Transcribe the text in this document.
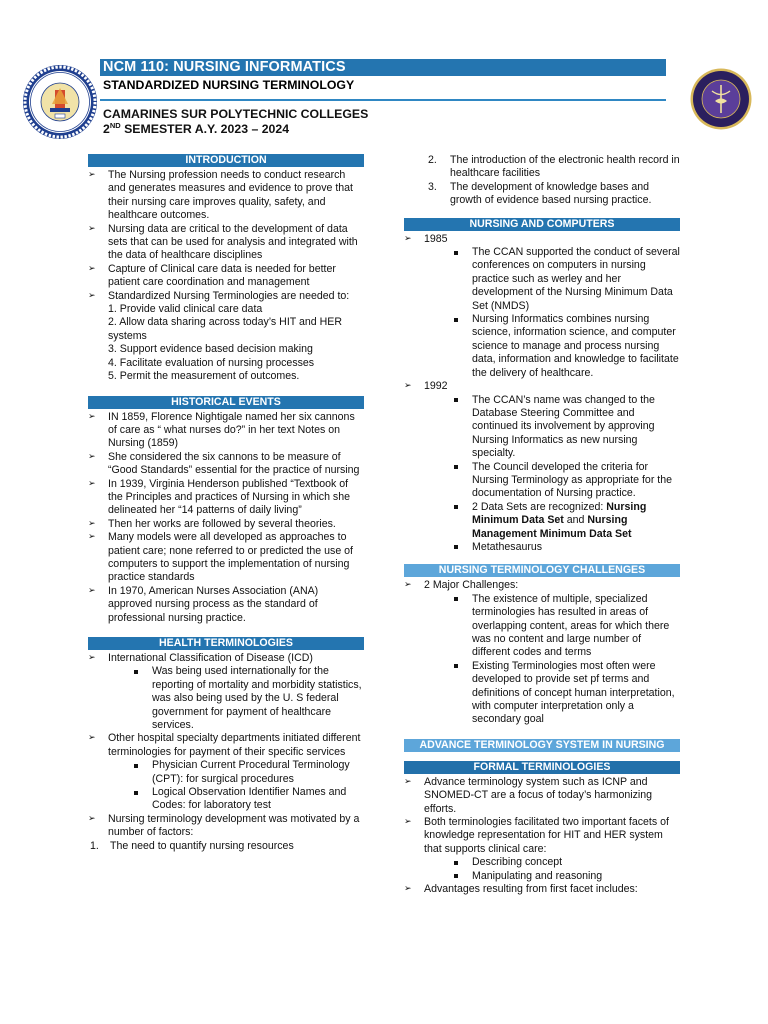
NCM 110: NURSING INFORMATICS
STANDARDIZED NURSING TERMINOLOGY
CAMARINES SUR POLYTECHNIC COLLEGES
2ND SEMESTER A.Y. 2023 – 2024
INTRODUCTION
➢ The Nursing profession needs to conduct research and generates measures and evidence to prove that their nursing care improves quality, safety, and healthcare outcomes.
➢ Nursing data are critical to the development of data sets that can be used for analysis and integrated with the data of healthcare disciplines
➢ Capture of Clinical care data is needed for better patient care coordination and management
➢ Standardized Nursing Terminologies are needed to:
1. Provide valid clinical care data
2. Allow data sharing across today’s HIT and HER systems
3. Support evidence based decision making
4. Facilitate evaluation of nursing processes
5. Permit the measurement of outcomes.
HISTORICAL EVENTS
➢ IN 1859, Florence Nightigale named her six cannons of care as “ what nurses do?” in her text Notes on Nursing (1859)
➢ She considered the six cannons to be measure of “Good Standards” essential for the practice of nursing
➢ In 1939, Virginia Henderson published “Textbook of the Principles and practices of Nursing in which she delineated her “14 patterns of daily living”
➢ Then her works are followed by several theories.
➢ Many models were all developed as approaches to patient care; none referred to or predicted the use of computers to support the implementation of nursing practice standards
➢ In 1970, American Nurses Association (ANA) approved nursing process as the standard of professional nursing practice.
HEALTH TERMINOLOGIES
➢ International Classification of Disease (ICD)
Was being used internationally for the reporting of mortality and morbidity statistics, was also being used by the U. S federal government for payment of healthcare services.
➢ Other hospital specialty departments initiated different terminologies for payment of their specific services
Physician Current Procedural Terminology (CPT): for surgical procedures
Logical Observation Identifier Names and Codes: for laboratory test
➢ Nursing terminology development was motivated by a number of factors:
1. The need to quantify nursing resources
2. The introduction of the electronic health record in healthcare facilities
3. The development of knowledge bases and growth of evidence based nursing practice.
NURSING AND COMPUTERS
➢ 1985
The CCAN supported the conduct of several conferences on computers in nursing practice such as werley and her development of the Nursing Minimum Data Set (NMDS)
Nursing Informatics combines nursing science, information science, and computer science to manage and process nursing data, information and knowledge to facilitate the delivery of healthcare.
➢ 1992
The CCAN’s name was changed to the Database Steering Committee and continued its involvement by approving Nursing Informatics as new nursing specialty.
The Council developed the criteria for Nursing Terminology as appropriate for the documentation of Nursing practice.
2 Data Sets are recognized: Nursing Minimum Data Set and Nursing Management Minimum Data Set
Metathesaurus
NURSING TERMINOLOGY CHALLENGES
➢ 2 Major Challenges:
The existence of multiple, specialized terminologies has resulted in areas of overlapping content, areas for which there was no content and large number of different codes and terms
Existing Terminologies most often were developed to provide set pf terms and definitions of concept human interpretation, with computer interpretation only a secondary goal
ADVANCE TERMINOLOGY SYSTEM IN NURSING
FORMAL TERMINOLOGIES
➢ Advance terminology system such as ICNP and SNOMED-CT are a focus of today’s harmonizing efforts.
➢ Both terminologies facilitated two important facets of knowledge representation for HIT and HER system that supports clinical care:
Describing concept
Manipulating and reasoning
➢ Advantages resulting from first facet includes:
